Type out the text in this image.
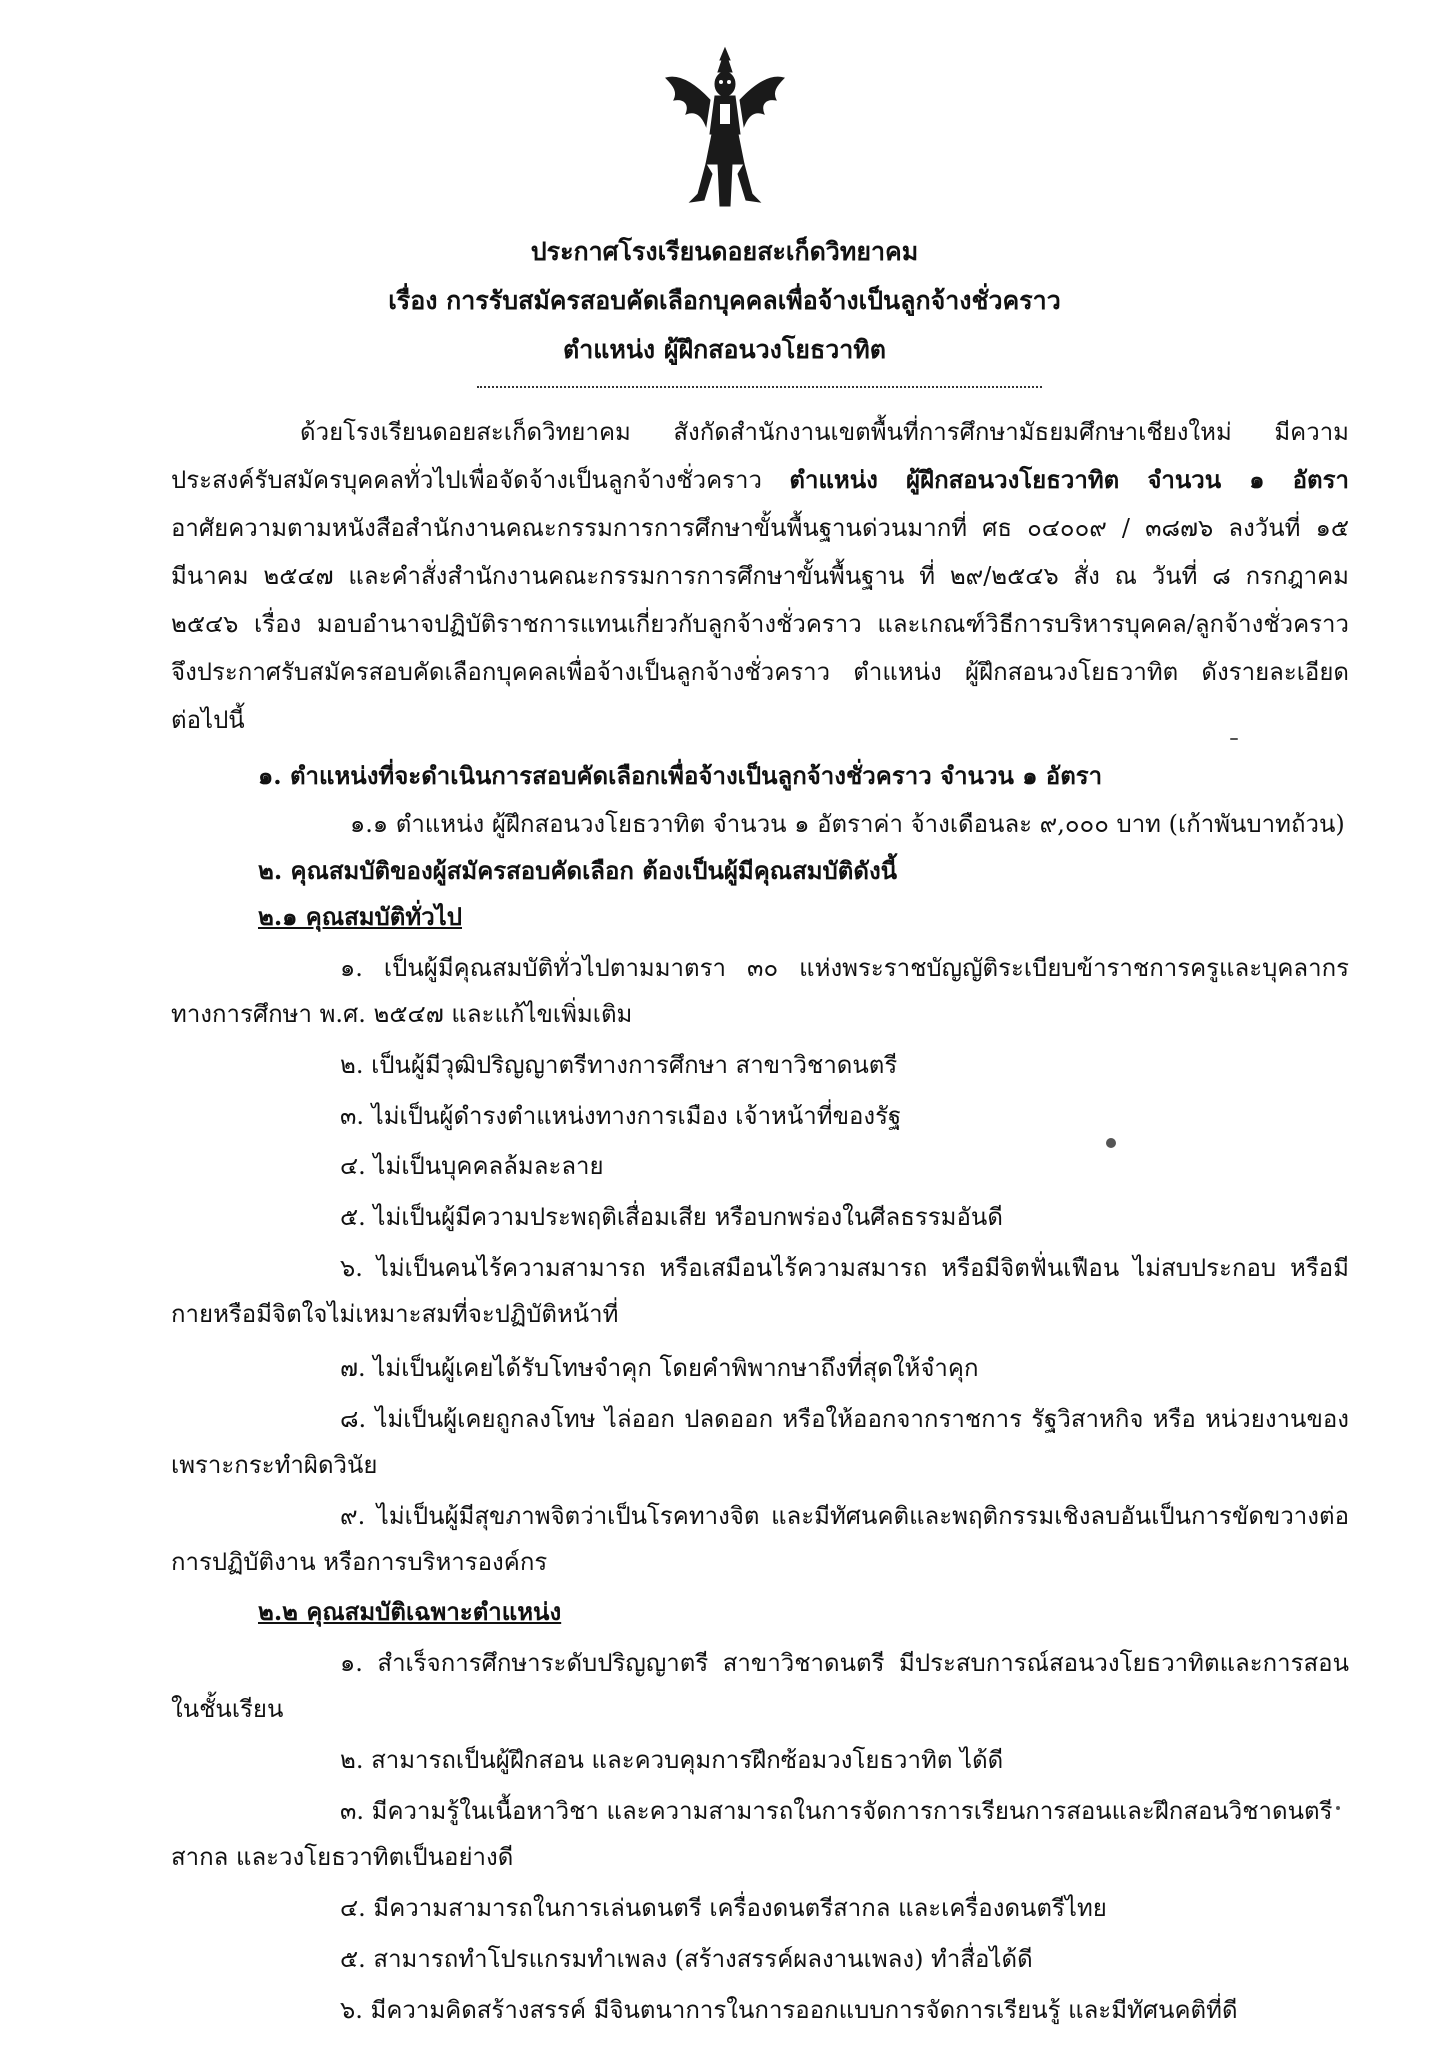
ประกาศโรงเรียนดอยสะเก็ดวิทยาคม
เรื่อง การรับสมัครสอบคัดเลือกบุคคลเพื่อจ้างเป็นลูกจ้างชั่วคราว
ตำแหน่ง ผู้ฝึกสอนวงโยธวาทิต
ด้วยโรงเรียนดอยสะเก็ดวิทยาคม สังกัดสำนักงานเขตพื้นที่การศึกษามัธยมศึกษาเชียงใหม่ มีความ
ประสงค์รับสมัครบุคคลทั่วไปเพื่อจัดจ้างเป็นลูกจ้างชั่วคราว ตำแหน่ง ผู้ฝึกสอนวงโยธวาทิต จำนวน ๑ อัตรา
อาศัยความตามหนังสือสำนักงานคณะกรรมการการศึกษาขั้นพื้นฐานด่วนมากที่ ศธ ๐๔๐๐๙ / ๓๘๗๖ ลงวันที่ ๑๕
มีนาคม ๒๕๔๗ และคำสั่งสำนักงานคณะกรรมการการศึกษาขั้นพื้นฐาน ที่ ๒๙/๒๕๔๖ สั่ง ณ วันที่ ๘ กรกฎาคม
๒๕๔๖ เรื่อง มอบอำนาจปฏิบัติราชการแทนเกี่ยวกับลูกจ้างชั่วคราว และเกณฑ์วิธีการบริหารบุคคล/ลูกจ้างชั่วคราว
จึงประกาศรับสมัครสอบคัดเลือกบุคคลเพื่อจ้างเป็นลูกจ้างชั่วคราว ตำแหน่ง ผู้ฝึกสอนวงโยธวาทิต ดังรายละเอียด
ต่อไปนี้
๑. ตำแหน่งที่จะดำเนินการสอบคัดเลือกเพื่อจ้างเป็นลูกจ้างชั่วคราว จำนวน ๑ อัตรา
๑.๑ ตำแหน่ง ผู้ฝึกสอนวงโยธวาทิต จำนวน ๑ อัตราค่า จ้างเดือนละ ๙,๐๐๐ บาท (เก้าพันบาทถ้วน)
๒. คุณสมบัติของผู้สมัครสอบคัดเลือก ต้องเป็นผู้มีคุณสมบัติดังนี้
๒.๑ คุณสมบัติทั่วไป
๑. เป็นผู้มีคุณสมบัติทั่วไปตามมาตรา ๓๐ แห่งพระราชบัญญัติระเบียบข้าราชการครูและบุคลากร
ทางการศึกษา พ.ศ. ๒๕๔๗ และแก้ไขเพิ่มเติม
๒. เป็นผู้มีวุฒิปริญญาตรีทางการศึกษา สาขาวิชาดนตรี
๓. ไม่เป็นผู้ดำรงตำแหน่งทางการเมือง เจ้าหน้าที่ของรัฐ
๔. ไม่เป็นบุคคลล้มละลาย
๕. ไม่เป็นผู้มีความประพฤติเสื่อมเสีย หรือบกพร่องในศีลธรรมอันดี
๖. ไม่เป็นคนไร้ความสามารถ หรือเสมือนไร้ความสมารถ หรือมีจิตฟั่นเฟือน ไม่สบประกอบ หรือมี
กายหรือมีจิตใจไม่เหมาะสมที่จะปฏิบัติหน้าที่
๗. ไม่เป็นผู้เคยได้รับโทษจำคุก โดยคำพิพากษาถึงที่สุดให้จำคุก
๘. ไม่เป็นผู้เคยถูกลงโทษ ไล่ออก ปลดออก หรือให้ออกจากราชการ รัฐวิสาหกิจ หรือ หน่วยงานของ
เพราะกระทำผิดวินัย
๙. ไม่เป็นผู้มีสุขภาพจิตว่าเป็นโรคทางจิต และมีทัศนคติและพฤติกรรมเชิงลบอันเป็นการขัดขวางต่อ
การปฏิบัติงาน หรือการบริหารองค์กร
๒.๒ คุณสมบัติเฉพาะตำแหน่ง
๑. สำเร็จการศึกษาระดับปริญญาตรี สาขาวิชาดนตรี มีประสบการณ์สอนวงโยธวาทิตและการสอน
ในชั้นเรียน
๒. สามารถเป็นผู้ฝึกสอน และควบคุมการฝึกซ้อมวงโยธวาทิต ได้ดี
๓. มีความรู้ในเนื้อหาวิชา และความสามารถในการจัดการการเรียนการสอนและฝึกสอนวิชาดนตรี
สากล และวงโยธวาทิตเป็นอย่างดี
๔. มีความสามารถในการเล่นดนตรี เครื่องดนตรีสากล และเครื่องดนตรีไทย
๕. สามารถทำโปรแกรมทำเพลง (สร้างสรรค์ผลงานเพลง) ทำสื่อได้ดี
๖. มีความคิดสร้างสรรค์ มีจินตนาการในการออกแบบการจัดการเรียนรู้ และมีทัศนคติที่ดี
